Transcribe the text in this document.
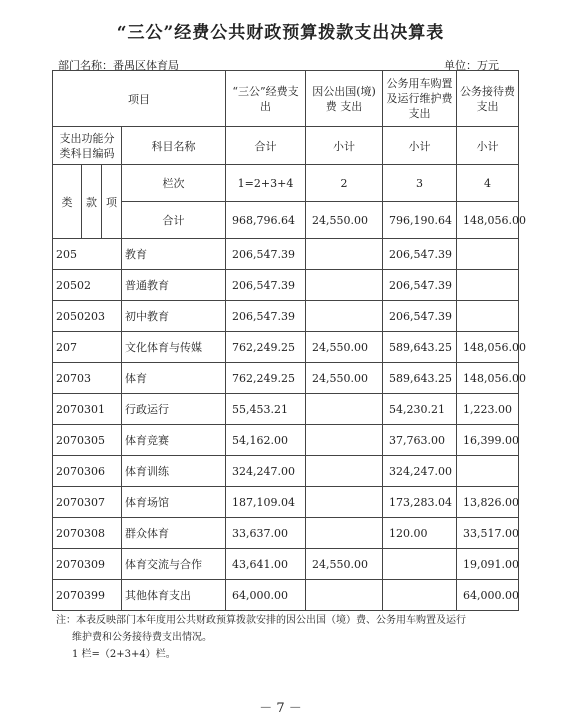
“三公”经费公共财政预算拨款支出决算表
部门名称：番禺区体育局	单位：万元
项目				“三公”经费支出	因公出国(境)费 支出	公务用车购置及运行维护费支出	公务接待费支出
支出功能分类科目编码			科目名称	合计	小计	小计	小计
类	款	项	栏次	1=2+3+4	2	3	4
			合计	968,796.64	24,550.00	796,190.64	148,056.00
205			教育	206,547.39		206,547.39	
20502			普通教育	206,547.39		206,547.39	
2050203			初中教育	206,547.39		206,547.39	
207			文化体育与传媒	762,249.25	24,550.00	589,643.25	148,056.00
20703			体育	762,249.25	24,550.00	589,643.25	148,056.00
2070301			行政运行	55,453.21		54,230.21	1,223.00
2070305			体育竞赛	54,162.00		37,763.00	16,399.00
2070306			体育训练	324,247.00		324,247.00	
2070307			体育场馆	187,109.04		173,283.04	13,826.00
2070308			群众体育	33,637.00		120.00	33,517.00
2070309			体育交流与合作	43,641.00	24,550.00		19,091.00
2070399			其他体育支出	64,000.00			64,000.00
注：本表反映部门本年度用公共财政预算拨款安排的因公出国（境）费、公务用车购置及运行
维护费和公务接待费支出情况。
1 栏=（2+3+4）栏。
－ 7 －
